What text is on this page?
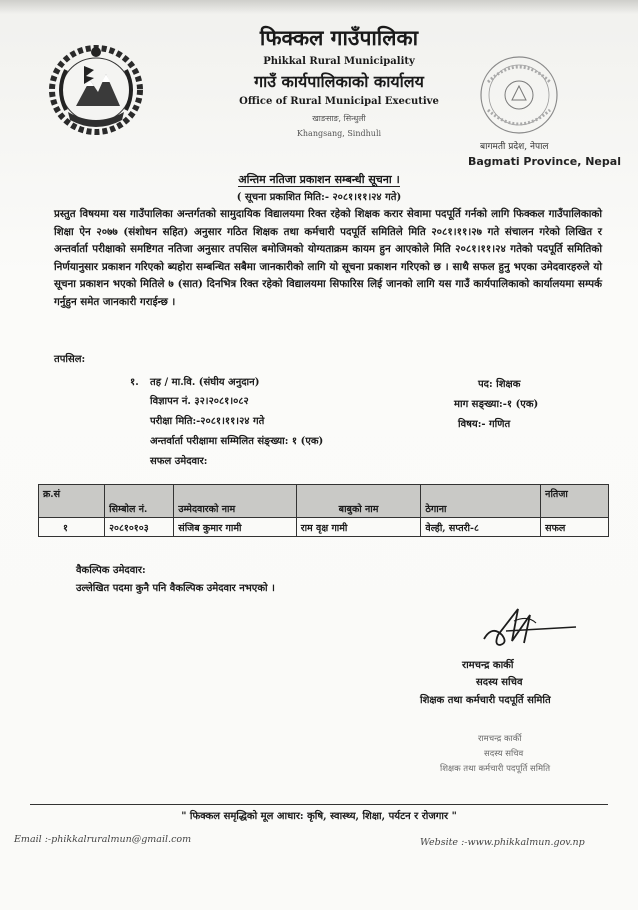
फिक्कल गाउँपालिका
Phikkal Rural Municipality
गाउँ कार्यपालिकाको कार्यालय
Office of Rural Municipal Executive
खाङसाङ, सिन्धुली
Khangsang, Sindhuli
बागमती प्रदेश, नेपाल
Bagmati Province, Nepal
अन्तिम नतिजा प्रकाशन सम्बन्धी सूचना ।
( सूचना प्रकाशित मिति:- २०८१।११।२४ गते)
प्रस्तुत विषयमा यस गाउँपालिका अन्तर्गतको सामुदायिक विद्यालयमा रिक्त रहेको शिक्षक करार सेवामा पदपूर्ति गर्नको लागि फिक्कल गाउँपालिकाको शिक्षा ऐन २०७७ (संशोधन सहित) अनुसार गठित शिक्षक तथा कर्मचारी पदपूर्ति समितिले मिति २०८१।११।२७ गते संचालन गरेको लिखित र अन्तर्वार्ता परीक्षाको समष्टिगत नतिजा अनुसार तपसिल बमोजिमको योग्यताक्रम कायम हुन आएकोले मिति २०८१।११।२४ गतेको पदपूर्ति समितिको निर्णयानुसार प्रकाशन गरिएको ब्यहोरा सम्बन्धित सबैमा जानकारीको लागि यो सूचना प्रकाशन गरिएको छ । साथै सफल हुनु भएका उमेदवारहरुले यो सूचना प्रकाशन भएको मितिले ७ (सात) दिनभित्र रिक्त रहेको विद्यालयमा सिफारिस लिई जानको लागि यस गाउँ कार्यपालिकाको कार्यालयमा सम्पर्क गर्नुहुन समेत जानकारी गराईन्छ ।
तपसिल:
१. तह / मा.वि. (संघीय अनुदान)	पद: शिक्षक
विज्ञापन नं. ३२।२०८१।०८२	माग सङ्ख्या:-१ (एक)
परीक्षा मिति:-२०८१।११।२४ गते	विषय:- गणित
अन्तर्वार्ता परीक्षामा सम्मिलित संङ्ख्या: १ (एक)
सफल उमेदवार:
क्र.सं	सिम्बोल नं.	उम्मेदवारको नाम	बाबुको नाम	ठेगाना	नतिजा
१	२०८१०१०३	संजिब कुमार गामी	राम वृक्ष गामी	वेल्ही, सप्तरी-८	सफल
वैकल्पिक उमेदवार:
उल्लेखित पदमा कुनै पनि वैकल्पिक उमेदवार नभएको ।
रामचन्द्र कार्की
सदस्य सचिव
शिक्षक तथा कर्मचारी पदपूर्ति समिति
रामचन्द्र कार्की
सदस्य सचिव
शिक्षक तथा कर्मचारी पदपूर्ति समिति
" फिक्कल समृद्धिको मूल आधार: कृषि, स्वास्थ्य, शिक्षा, पर्यटन र रोजगार "
Email :-phikkalruralmun@gmail.com	Website :-www.phikkalmun.gov.np
